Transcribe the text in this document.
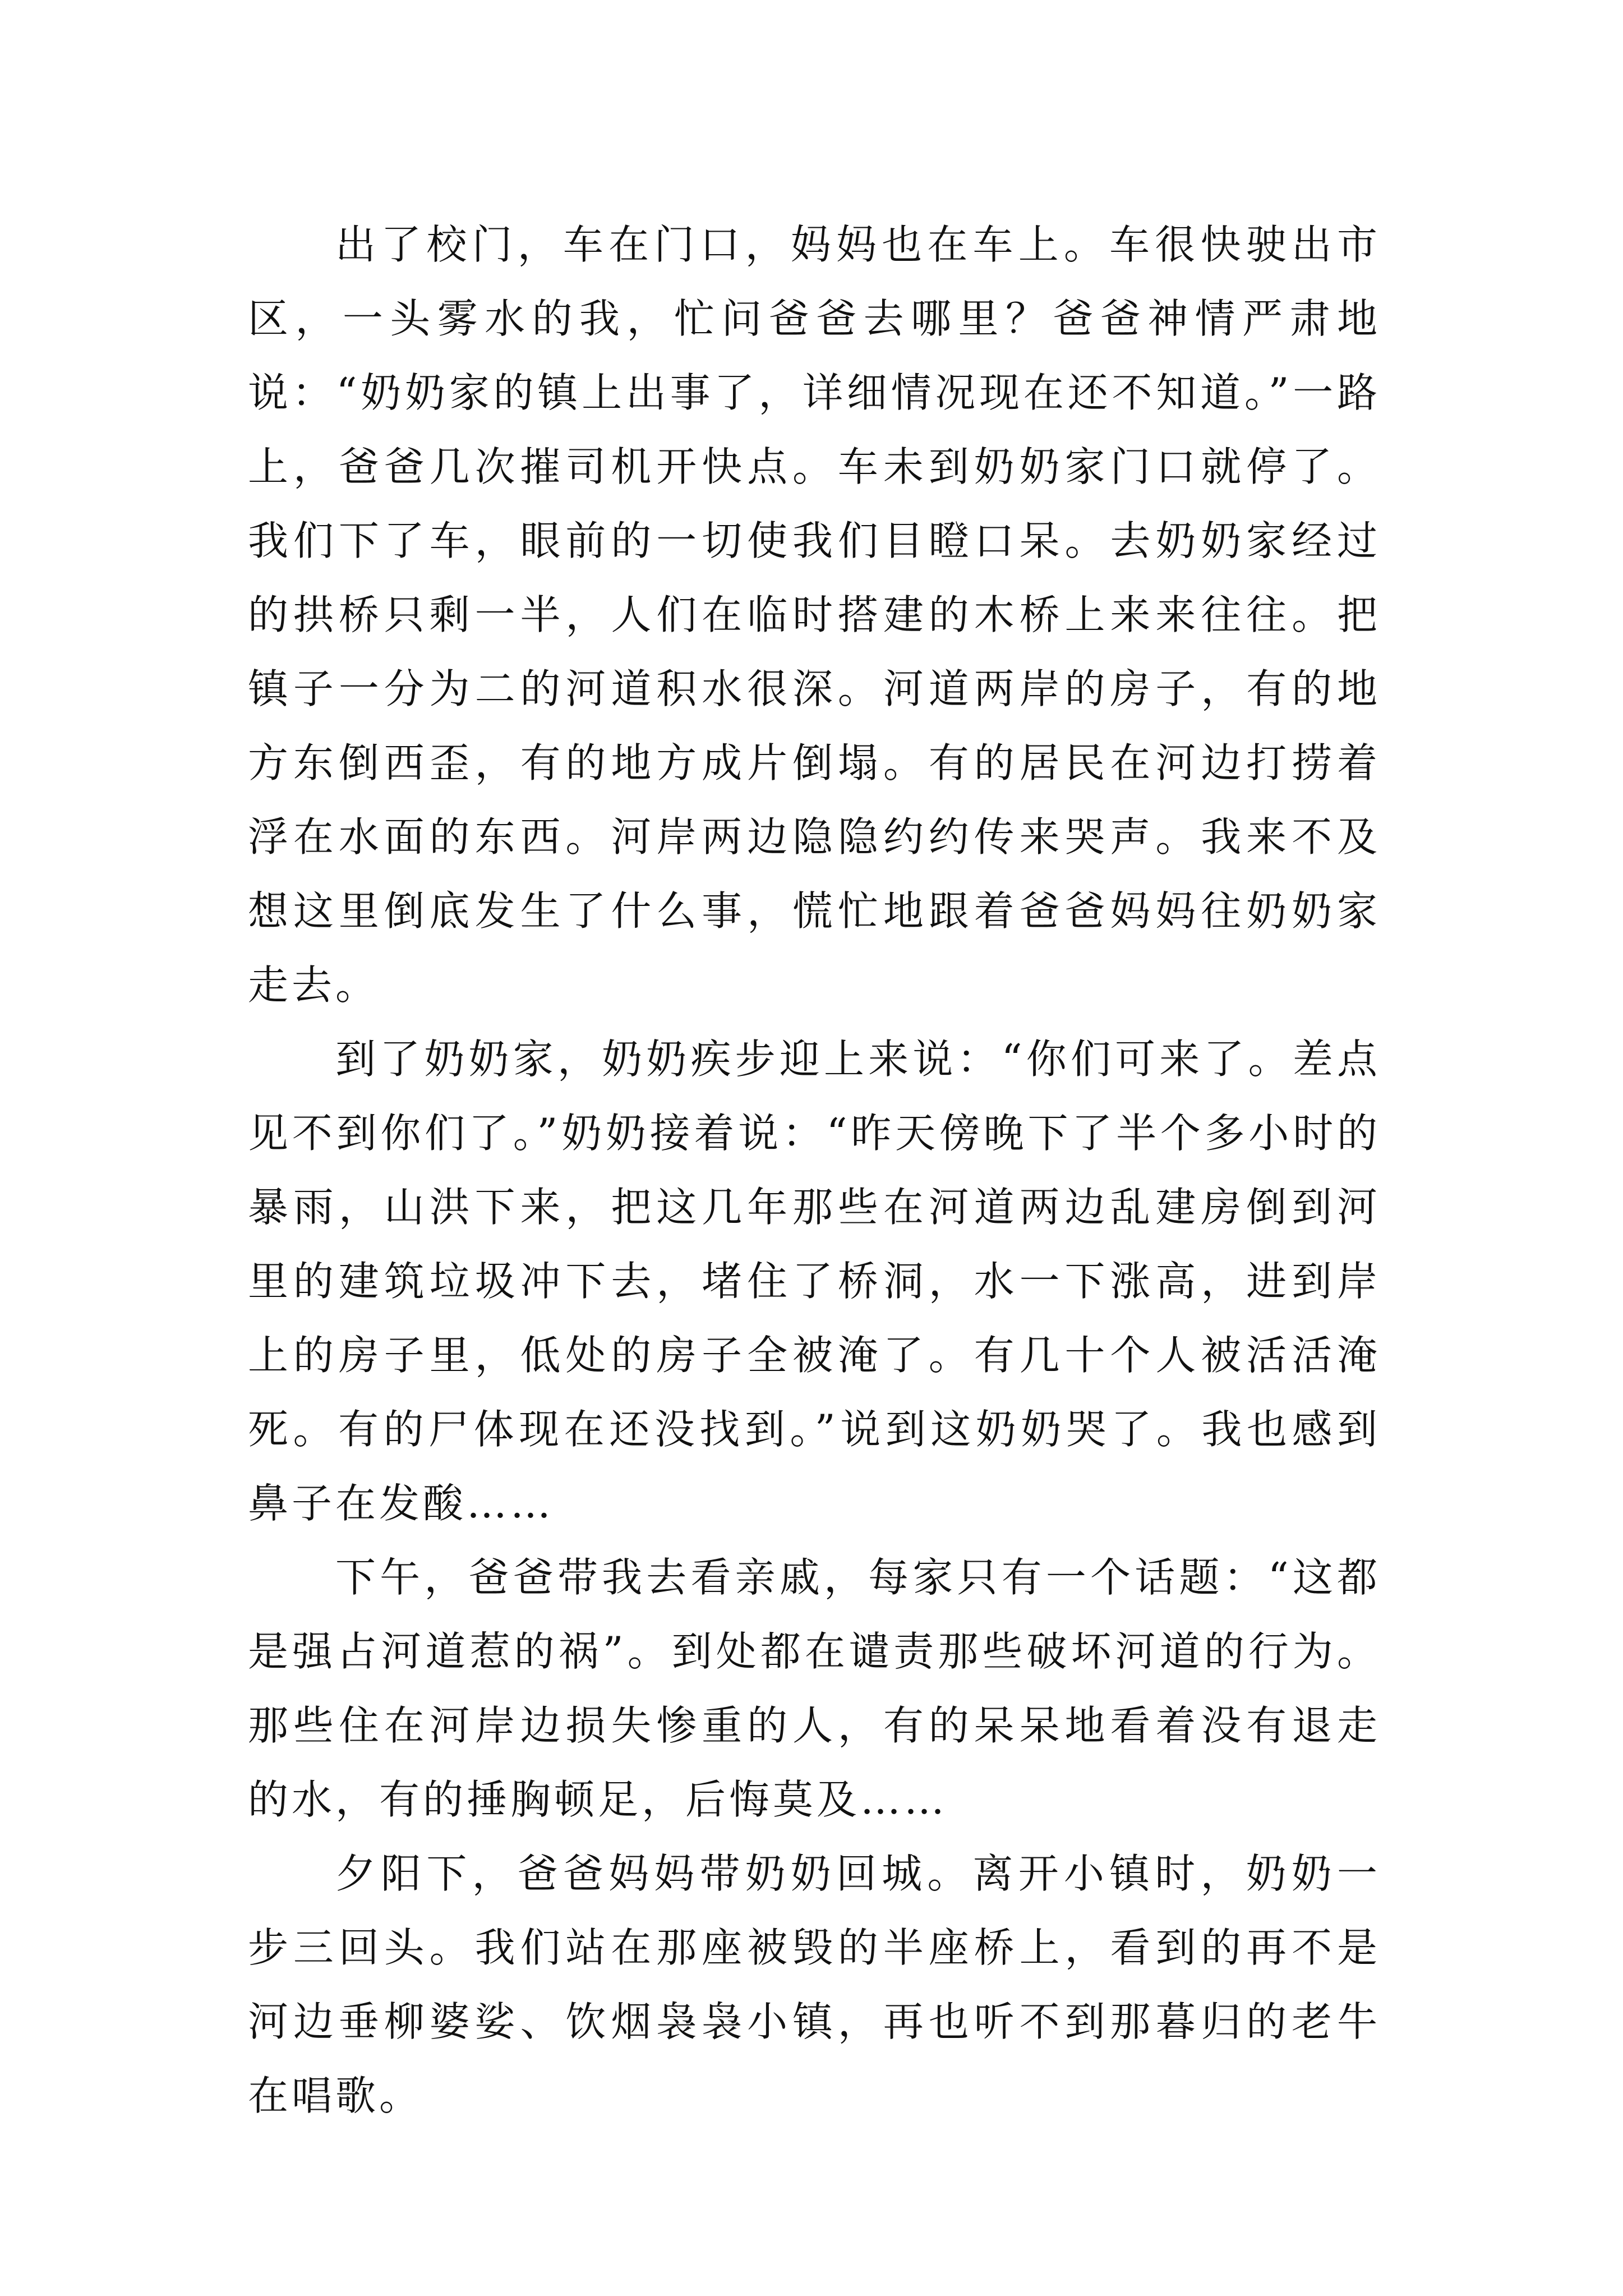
出了校门，车在门口，妈妈也在车上。车很快驶出市区，一头雾水的我，忙问爸爸去哪里？爸爸神情严肃地说：“奶奶家的镇上出事了，详细情况现在还不知道。”一路上，爸爸几次摧司机开快点。车未到奶奶家门口就停了。我们下了车，眼前的一切使我们目瞪口呆。去奶奶家经过的拱桥只剩一半，人们在临时搭建的木桥上来来往往。把镇子一分为二的河道积水很深。河道两岸的房子，有的地方东倒西歪，有的地方成片倒塌。有的居民在河边打捞着浮在水面的东西。河岸两边隐隐约约传来哭声。我来不及想这里倒底发生了什么事，慌忙地跟着爸爸妈妈往奶奶家走去。

到了奶奶家，奶奶疾步迎上来说：“你们可来了。差点见不到你们了。”奶奶接着说：“昨天傍晚下了半个多小时的暴雨，山洪下来，把这几年那些在河道两边乱建房倒到河里的建筑垃圾冲下去，堵住了桥洞，水一下涨高，进到岸上的房子里，低处的房子全被淹了。有几十个人被活活淹死。有的尸体现在还没找到。”说到这奶奶哭了。我也感到鼻子在发酸……

下午，爸爸带我去看亲戚，每家只有一个话题：“这都是强占河道惹的祸”。到处都在谴责那些破坏河道的行为。那些住在河岸边损失惨重的人，有的呆呆地看着没有退走的水，有的捶胸顿足，后悔莫及……

夕阳下，爸爸妈妈带奶奶回城。离开小镇时，奶奶一步三回头。我们站在那座被毁的半座桥上，看到的再不是河边垂柳婆娑、饮烟袅袅小镇，再也听不到那暮归的老牛在唱歌。
